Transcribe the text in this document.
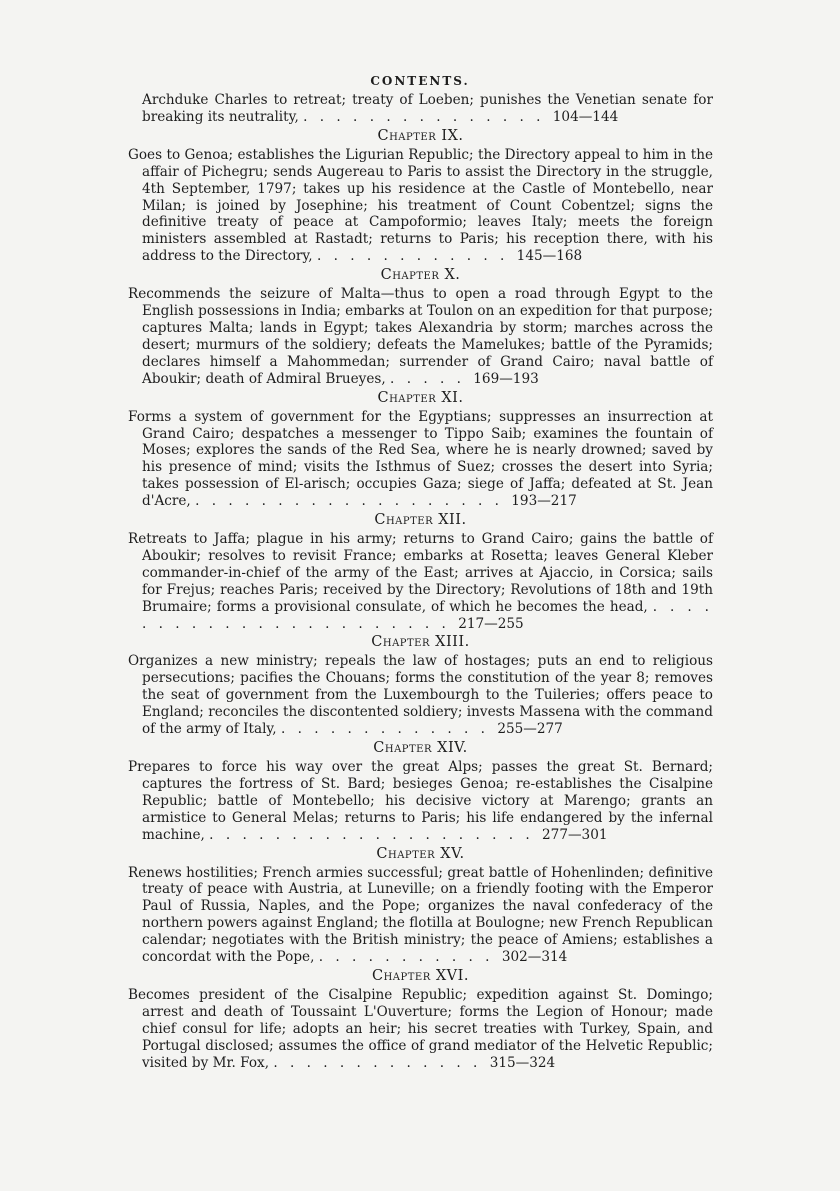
CONTENTS.

Archduke Charles to retreat; treaty of Loeben; punishes the Venetian senate for breaking its neutrality, . . . . . . . . . . . . . . . 104—144

Chapter IX.

Goes to Genoa; establishes the Ligurian Republic; the Directory appeal to him in the affair of Pichegru; sends Augereau to Paris to assist the Directory in the struggle, 4th September, 1797; takes up his residence at the Castle of Montebello, near Milan; is joined by Josephine; his treatment of Count Cobentzel; signs the definitive treaty of peace at Campoformio; leaves Italy; meets the foreign ministers assembled at Rastadt; returns to Paris; his reception there, with his address to the Directory, . . . . . . . . . . . . 145—168

Chapter X.

Recommends the seizure of Malta—thus to open a road through Egypt to the English possessions in India; embarks at Toulon on an expedition for that purpose; captures Malta; lands in Egypt; takes Alexandria by storm; marches across the desert; murmurs of the soldiery; defeats the Mamelukes; battle of the Pyramids; declares himself a Mahommedan; surrender of Grand Cairo; naval battle of Aboukir; death of Admiral Brueyes, . . . . . 169—193

Chapter XI.

Forms a system of government for the Egyptians; suppresses an insurrection at Grand Cairo; despatches a messenger to Tippo Saib; examines the fountain of Moses; explores the sands of the Red Sea, where he is nearly drowned; saved by his presence of mind; visits the Isthmus of Suez; crosses the desert into Syria; takes possession of El-arisch; occupies Gaza; siege of Jaffa; defeated at St. Jean d'Acre, . . . . . . . . . . . . . . . . . . . 193—217

Chapter XII.

Retreats to Jaffa; plague in his army; returns to Grand Cairo; gains the battle of Aboukir; resolves to revisit France; embarks at Rosetta; leaves General Kleber commander-in-chief of the army of the East; arrives at Ajaccio, in Corsica; sails for Frejus; reaches Paris; received by the Directory; Revolutions of 18th and 19th Brumaire; forms a provisional consulate, of which he becomes the head, . . . . . . . . . . . . . . . . . . . . . . . 217—255

Chapter XIII.

Organizes a new ministry; repeals the law of hostages; puts an end to religious persecutions; pacifies the Chouans; forms the constitution of the year 8; removes the seat of government from the Luxembourgh to the Tuileries; offers peace to England; reconciles the discontented soldiery; invests Massena with the command of the army of Italy, . . . . . . . . . . . . . 255—277

Chapter XIV.

Prepares to force his way over the great Alps; passes the great St. Bernard; captures the fortress of St. Bard; besieges Genoa; re-establishes the Cisalpine Republic; battle of Montebello; his decisive victory at Marengo; grants an armistice to General Melas; returns to Paris; his life endangered by the infernal machine, . . . . . . . . . . . . . . . . . . . . 277—301

Chapter XV.

Renews hostilities; French armies successful; great battle of Hohenlinden; definitive treaty of peace with Austria, at Luneville; on a friendly footing with the Emperor Paul of Russia, Naples, and the Pope; organizes the naval confederacy of the northern powers against England; the flotilla at Boulogne; new French Republican calendar; negotiates with the British ministry; the peace of Amiens; establishes a concordat with the Pope, . . . . . . . . . . . 302—314

Chapter XVI.

Becomes president of the Cisalpine Republic; expedition against St. Domingo; arrest and death of Toussaint L'Ouverture; forms the Legion of Honour; made chief consul for life; adopts an heir; his secret treaties with Turkey, Spain, and Portugal disclosed; assumes the office of grand mediator of the Helvetic Republic; visited by Mr. Fox, . . . . . . . . . . . . . 315—324
